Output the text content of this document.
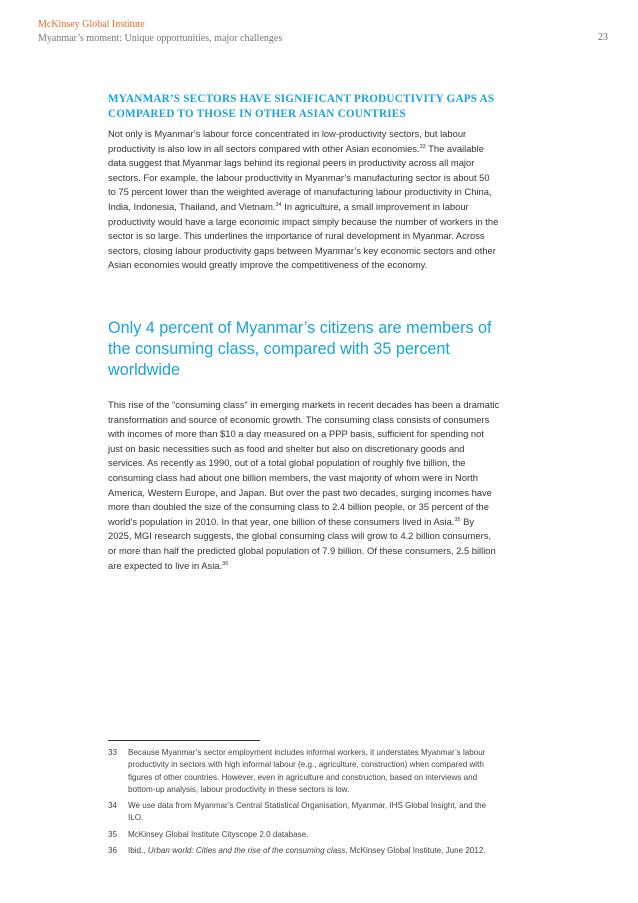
McKinsey Global Institute
Myanmar’s moment: Unique opportunities, major challenges	23
MYANMAR’S SECTORS HAVE SIGNIFICANT PRODUCTIVITY GAPS AS COMPARED TO THOSE IN OTHER ASIAN COUNTRIES
Not only is Myanmar’s labour force concentrated in low-productivity sectors, but labour productivity is also low in all sectors compared with other Asian economies.$^{33}$ The available data suggest that Myanmar lags behind its regional peers in productivity across all major sectors. For example, the labour productivity in Myanmar’s manufacturing sector is about 50 to 75 percent lower than the weighted average of manufacturing labour productivity in China, India, Indonesia, Thailand, and Vietnam.$^{34}$ In agriculture, a small improvement in labour productivity would have a large economic impact simply because the number of workers in the sector is so large. This underlines the importance of rural development in Myanmar. Across sectors, closing labour productivity gaps between Myanmar’s key economic sectors and other Asian economies would greatly improve the competitiveness of the economy.
Only 4 percent of Myanmar’s citizens are members of the consuming class, compared with 35 percent worldwide
This rise of the “consuming class” in emerging markets in recent decades has been a dramatic transformation and source of economic growth. The consuming class consists of consumers with incomes of more than $10 a day measured on a PPP basis, sufficient for spending not just on basic necessities such as food and shelter but also on discretionary goods and services. As recently as 1990, out of a total global population of roughly five billion, the consuming class had about one billion members, the vast majority of whom were in North America, Western Europe, and Japan. But over the past two decades, surging incomes have more than doubled the size of the consuming class to 2.4 billion people, or 35 percent of the world’s population in 2010. In that year, one billion of these consumers lived in Asia.$^{35}$ By 2025, MGI research suggests, the global consuming class will grow to 4.2 billion consumers, or more than half the predicted global population of 7.9 billion. Of these consumers, 2.5 billion are expected to live in Asia.$^{36}$
33	Because Myanmar’s sector employment includes informal workers, it understates Myanmar’s labour productivity in sectors with high informal labour (e.g., agriculture, construction) when compared with figures of other countries. However, even in agriculture and construction, based on interviews and bottom-up analysis, labour productivity in these sectors is low.
34	We use data from Myanmar’s Central Statistical Organisation, Myanmar, IHS Global Insight, and the ILO.
35	McKinsey Global Institute Cityscope 2.0 database.
36	Ibid., Urban world: Cities and the rise of the consuming class, McKinsey Global Institute, June 2012.
